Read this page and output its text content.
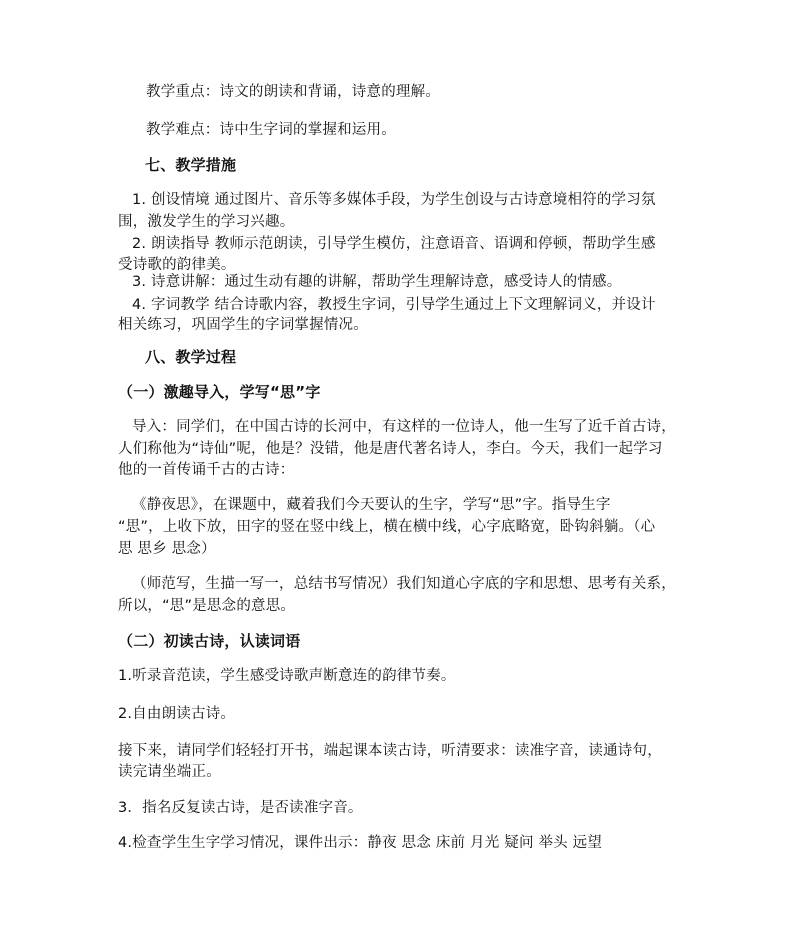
教学重点：诗文的朗读和背诵，诗意的理解。
教学难点：诗中生字词的掌握和运用。
七、教学措施
1. 创设情境 通过图片、音乐等多媒体手段，为学生创设与古诗意境相符的学习氛
围，激发学生的学习兴趣。
2. 朗读指导 教师示范朗读，引导学生模仿，注意语音、语调和停顿，帮助学生感
受诗歌的韵律美。
3. 诗意讲解：通过生动有趣的讲解，帮助学生理解诗意，感受诗人的情感。
4. 字词教学 结合诗歌内容，教授生字词，引导学生通过上下文理解词义，并设计
相关练习，巩固学生的字词掌握情况。
八、教学过程
（一）激趣导入，学写“思”字
导入：同学们，在中国古诗的长河中，有这样的一位诗人，他一生写了近千首古诗，
人们称他为“诗仙”呢，他是？没错，他是唐代著名诗人，李白。今天，我们一起学习
他的一首传诵千古的古诗：
《静夜思》，在课题中，藏着我们今天要认的生字，学写“思”字。指导生字
“思”，上收下放，田字的竖在竖中线上，横在横中线，心字底略宽，卧钩斜躺。（心
思 思乡 思念）
（师范写，生描一写一，总结书写情况）我们知道心字底的字和思想、思考有关系，
所以，“思”是思念的意思。
（二）初读古诗，认读词语
1.听录音范读，学生感受诗歌声断意连的韵律节奏。
2.自由朗读古诗。
接下来，请同学们轻轻打开书，端起课本读古诗，听清要求：读准字音，读通诗句，
读完请坐端正。
3．指名反复读古诗，是否读准字音。
4.检查学生生字学习情况，课件出示：静夜 思念 床前 月光 疑问 举头 远望
